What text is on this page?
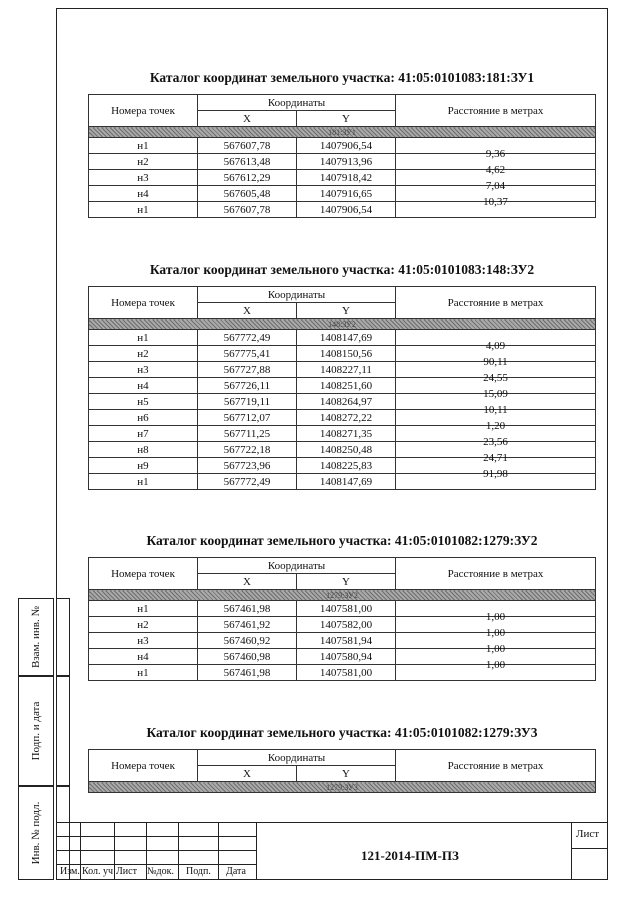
Взам. инв. №
Подп. и дата
Инв. № подл.
Каталог координат земельного участка: 41:05:0101083:181:ЗУ1
Номера точек	Координаты		Расстояние в метрах
	X	Y	
181:ЗУ1			
н1	567607,78	1407906,54	9,36
н2	567613,48	1407913,96	4,62
н3	567612,29	1407918,42	7,04
н4	567605,48	1407916,65	10,37
н1	567607,78	1407906,54	
Каталог координат земельного участка: 41:05:0101083:148:ЗУ2
Номера точек	Координаты		Расстояние в метрах
	X	Y	
148:ЗУ2			
н1	567772,49	1408147,69	4,09
н2	567775,41	1408150,56	90,11
н3	567727,88	1408227,11	24,55
н4	567726,11	1408251,60	15,09
н5	567719,11	1408264,97	10,11
н6	567712,07	1408272,22	1,20
н7	567711,25	1408271,35	23,56
н8	567722,18	1408250,48	24,71
н9	567723,96	1408225,83	91,98
н1	567772,49	1408147,69	
Каталог координат земельного участка: 41:05:0101082:1279:ЗУ2
Номера точек	Координаты		Расстояние в метрах
	X	Y	
1279:ЗУ2			
н1	567461,98	1407581,00	1,00
н2	567461,92	1407582,00	1,00
н3	567460,92	1407581,94	1,00
н4	567460,98	1407580,94	1,00
н1	567461,98	1407581,00	
Каталог координат земельного участка: 41:05:0101082:1279:ЗУ3
Номера точек	Координаты		Расстояние в метрах
	X	Y	
1279:ЗУ3			
Изм. Кол. уч Лист №док. Подп. Дата
121-2014-ПМ-ПЗ
Лист
